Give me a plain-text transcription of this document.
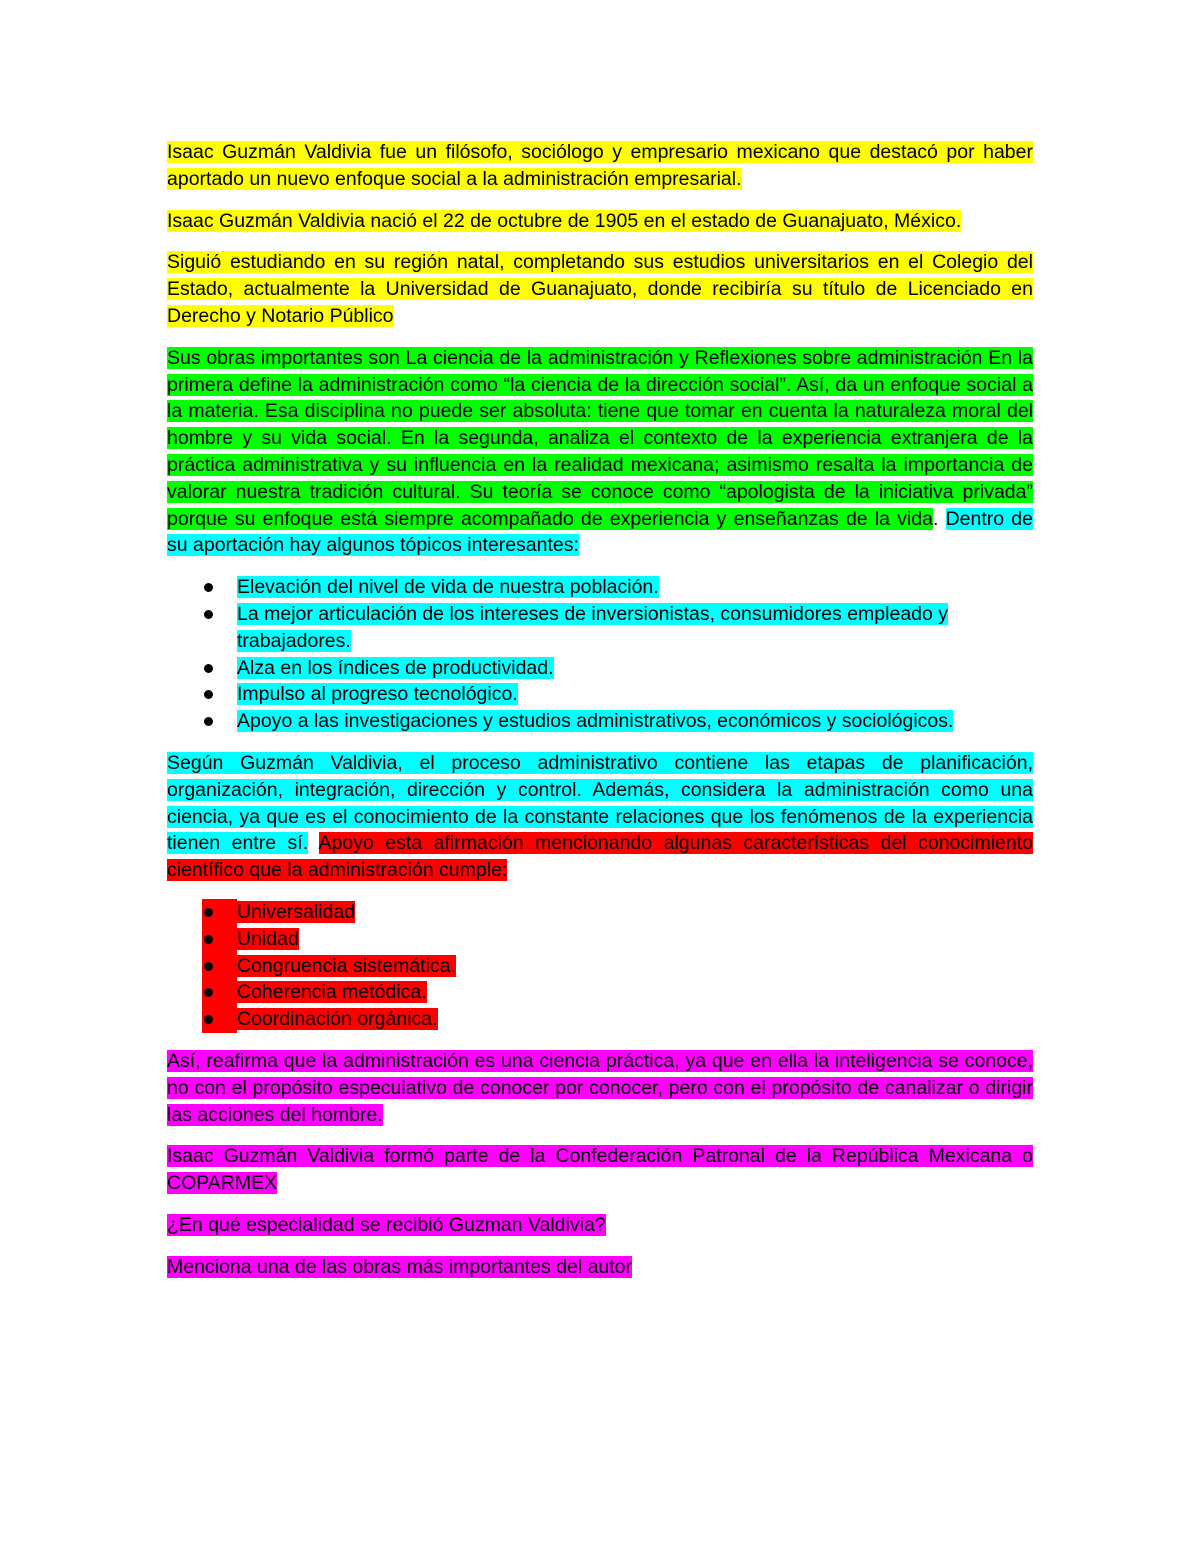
Isaac Guzmán Valdivia fue un filósofo, sociólogo y empresario mexicano que destacó por haber aportado un nuevo enfoque social a la administración empresarial.

Isaac Guzmán Valdivia nació el 22 de octubre de 1905 en el estado de Guanajuato, México.

Siguió estudiando en su región natal, completando sus estudios universitarios en el Colegio del Estado, actualmente la Universidad de Guanajuato, donde recibiría su título de Licenciado en Derecho y Notario Público

Sus obras importantes son La ciencia de la administración y Reflexiones sobre administración En la primera define la administración como “la ciencia de la dirección social”. Así, da un enfoque social a la materia. Esa disciplina no puede ser absoluta: tiene que tomar en cuenta la naturaleza moral del hombre y su vida social. En la segunda, analiza el contexto de la experiencia extranjera de la práctica administrativa y su influencia en la realidad mexicana; asimismo resalta la importancia de valorar nuestra tradición cultural. Su teoría se conoce como “apologista de la iniciativa privada” porque su enfoque está siempre acompañado de experiencia y enseñanzas de la vida. Dentro de su aportación hay algunos tópicos interesantes:

Elevación del nivel de vida de nuestra población.
La mejor articulación de los intereses de inversionistas, consumidores empleado y trabajadores.
Alza en los índices de productividad.
Impulso al progreso tecnológico.
Apoyo a las investigaciones y estudios administrativos, económicos y sociológicos.

Según Guzmán Valdivia, el proceso administrativo contiene las etapas de planificación, organización, integración, dirección y control. Además, considera la administración como una ciencia, ya que es el conocimiento de la constante relaciones que los fenómenos de la experiencia tienen entre sí. Apoyo esta afirmación mencionando algunas características del conocimiento científico que la administración cumple:

Universalidad
Unidad
Congruencia sistemática.
Coherencia metódica.
Coordinación orgánica.

Así, reafirma que la administración es una ciencia práctica, ya que en ella la inteligencia se conoce, no con el propósito especulativo de conocer por conocer, pero con el propósito de canalizar o dirigir las acciones del hombre.

Isaac Guzmán Valdivia formó parte de la Confederación Patronal de la República Mexicana o COPARMEX

¿En qué especialidad se recibió Guzman Valdivia?

Menciona una de las obras más importantes del autor
